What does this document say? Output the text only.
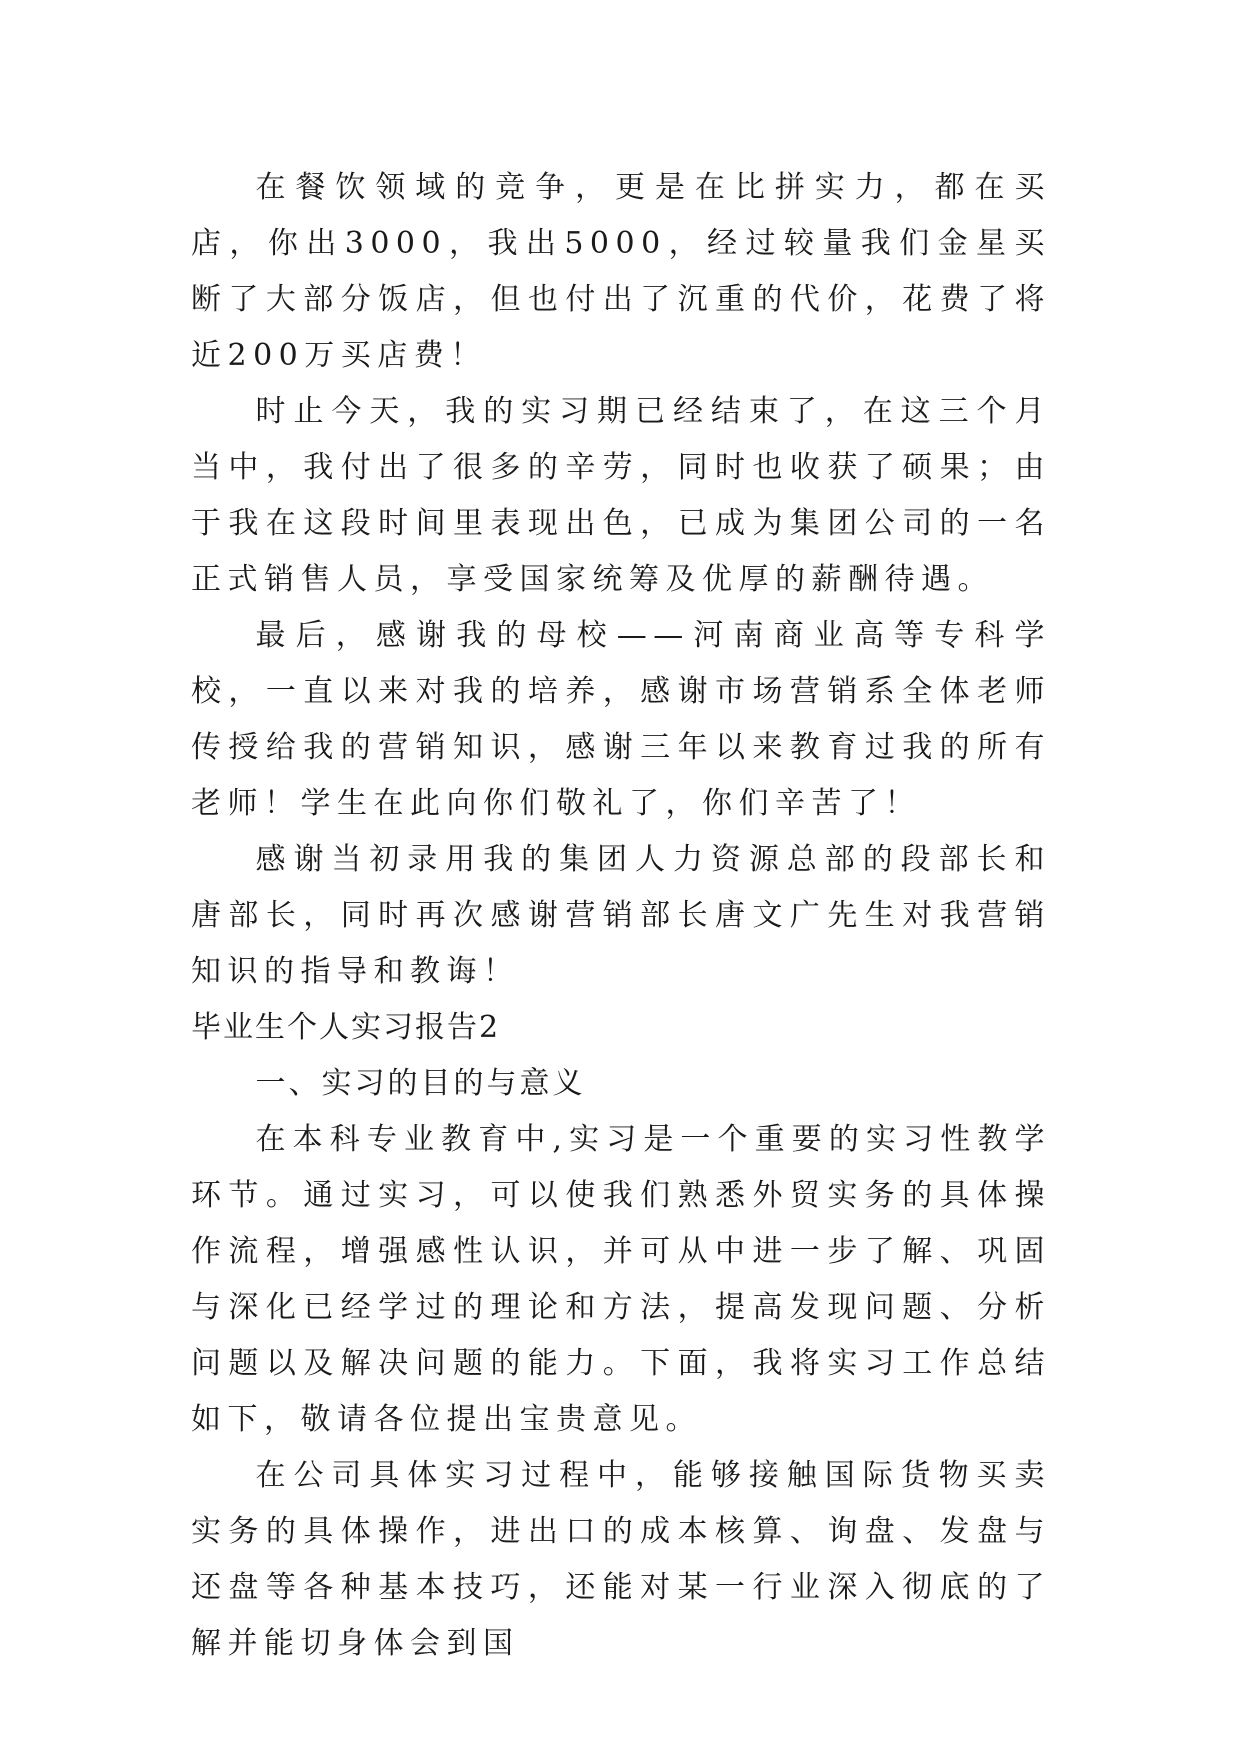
在餐饮领域的竞争，更是在比拼实力，都在买店，你出3000，我出5000，经过较量我们金星买断了大部分饭店，但也付出了沉重的代价，花费了将近200万买店费！

时止今天，我的实习期已经结束了，在这三个月当中，我付出了很多的辛劳，同时也收获了硕果；由于我在这段时间里表现出色，已成为集团公司的一名正式销售人员，享受国家统筹及优厚的薪酬待遇。

最后，感谢我的母校——河南商业高等专科学校，一直以来对我的培养，感谢市场营销系全体老师传授给我的营销知识，感谢三年以来教育过我的所有老师！学生在此向你们敬礼了，你们辛苦了！

感谢当初录用我的集团人力资源总部的段部长和唐部长，同时再次感谢营销部长唐文广先生对我营销知识的指导和教诲！

毕业生个人实习报告2

一、实习的目的与意义

在本科专业教育中,实习是一个重要的实习性教学环节。通过实习，可以使我们熟悉外贸实务的具体操作流程，增强感性认识，并可从中进一步了解、巩固与深化已经学过的理论和方法，提高发现问题、分析问题以及解决问题的能力。下面，我将实习工作总结如下，敬请各位提出宝贵意见。

在公司具体实习过程中，能够接触国际货物买卖实务的具体操作，进出口的成本核算、询盘、发盘与还盘等各种基本技巧，还能对某一行业深入彻底的了解并能切身体会到国
